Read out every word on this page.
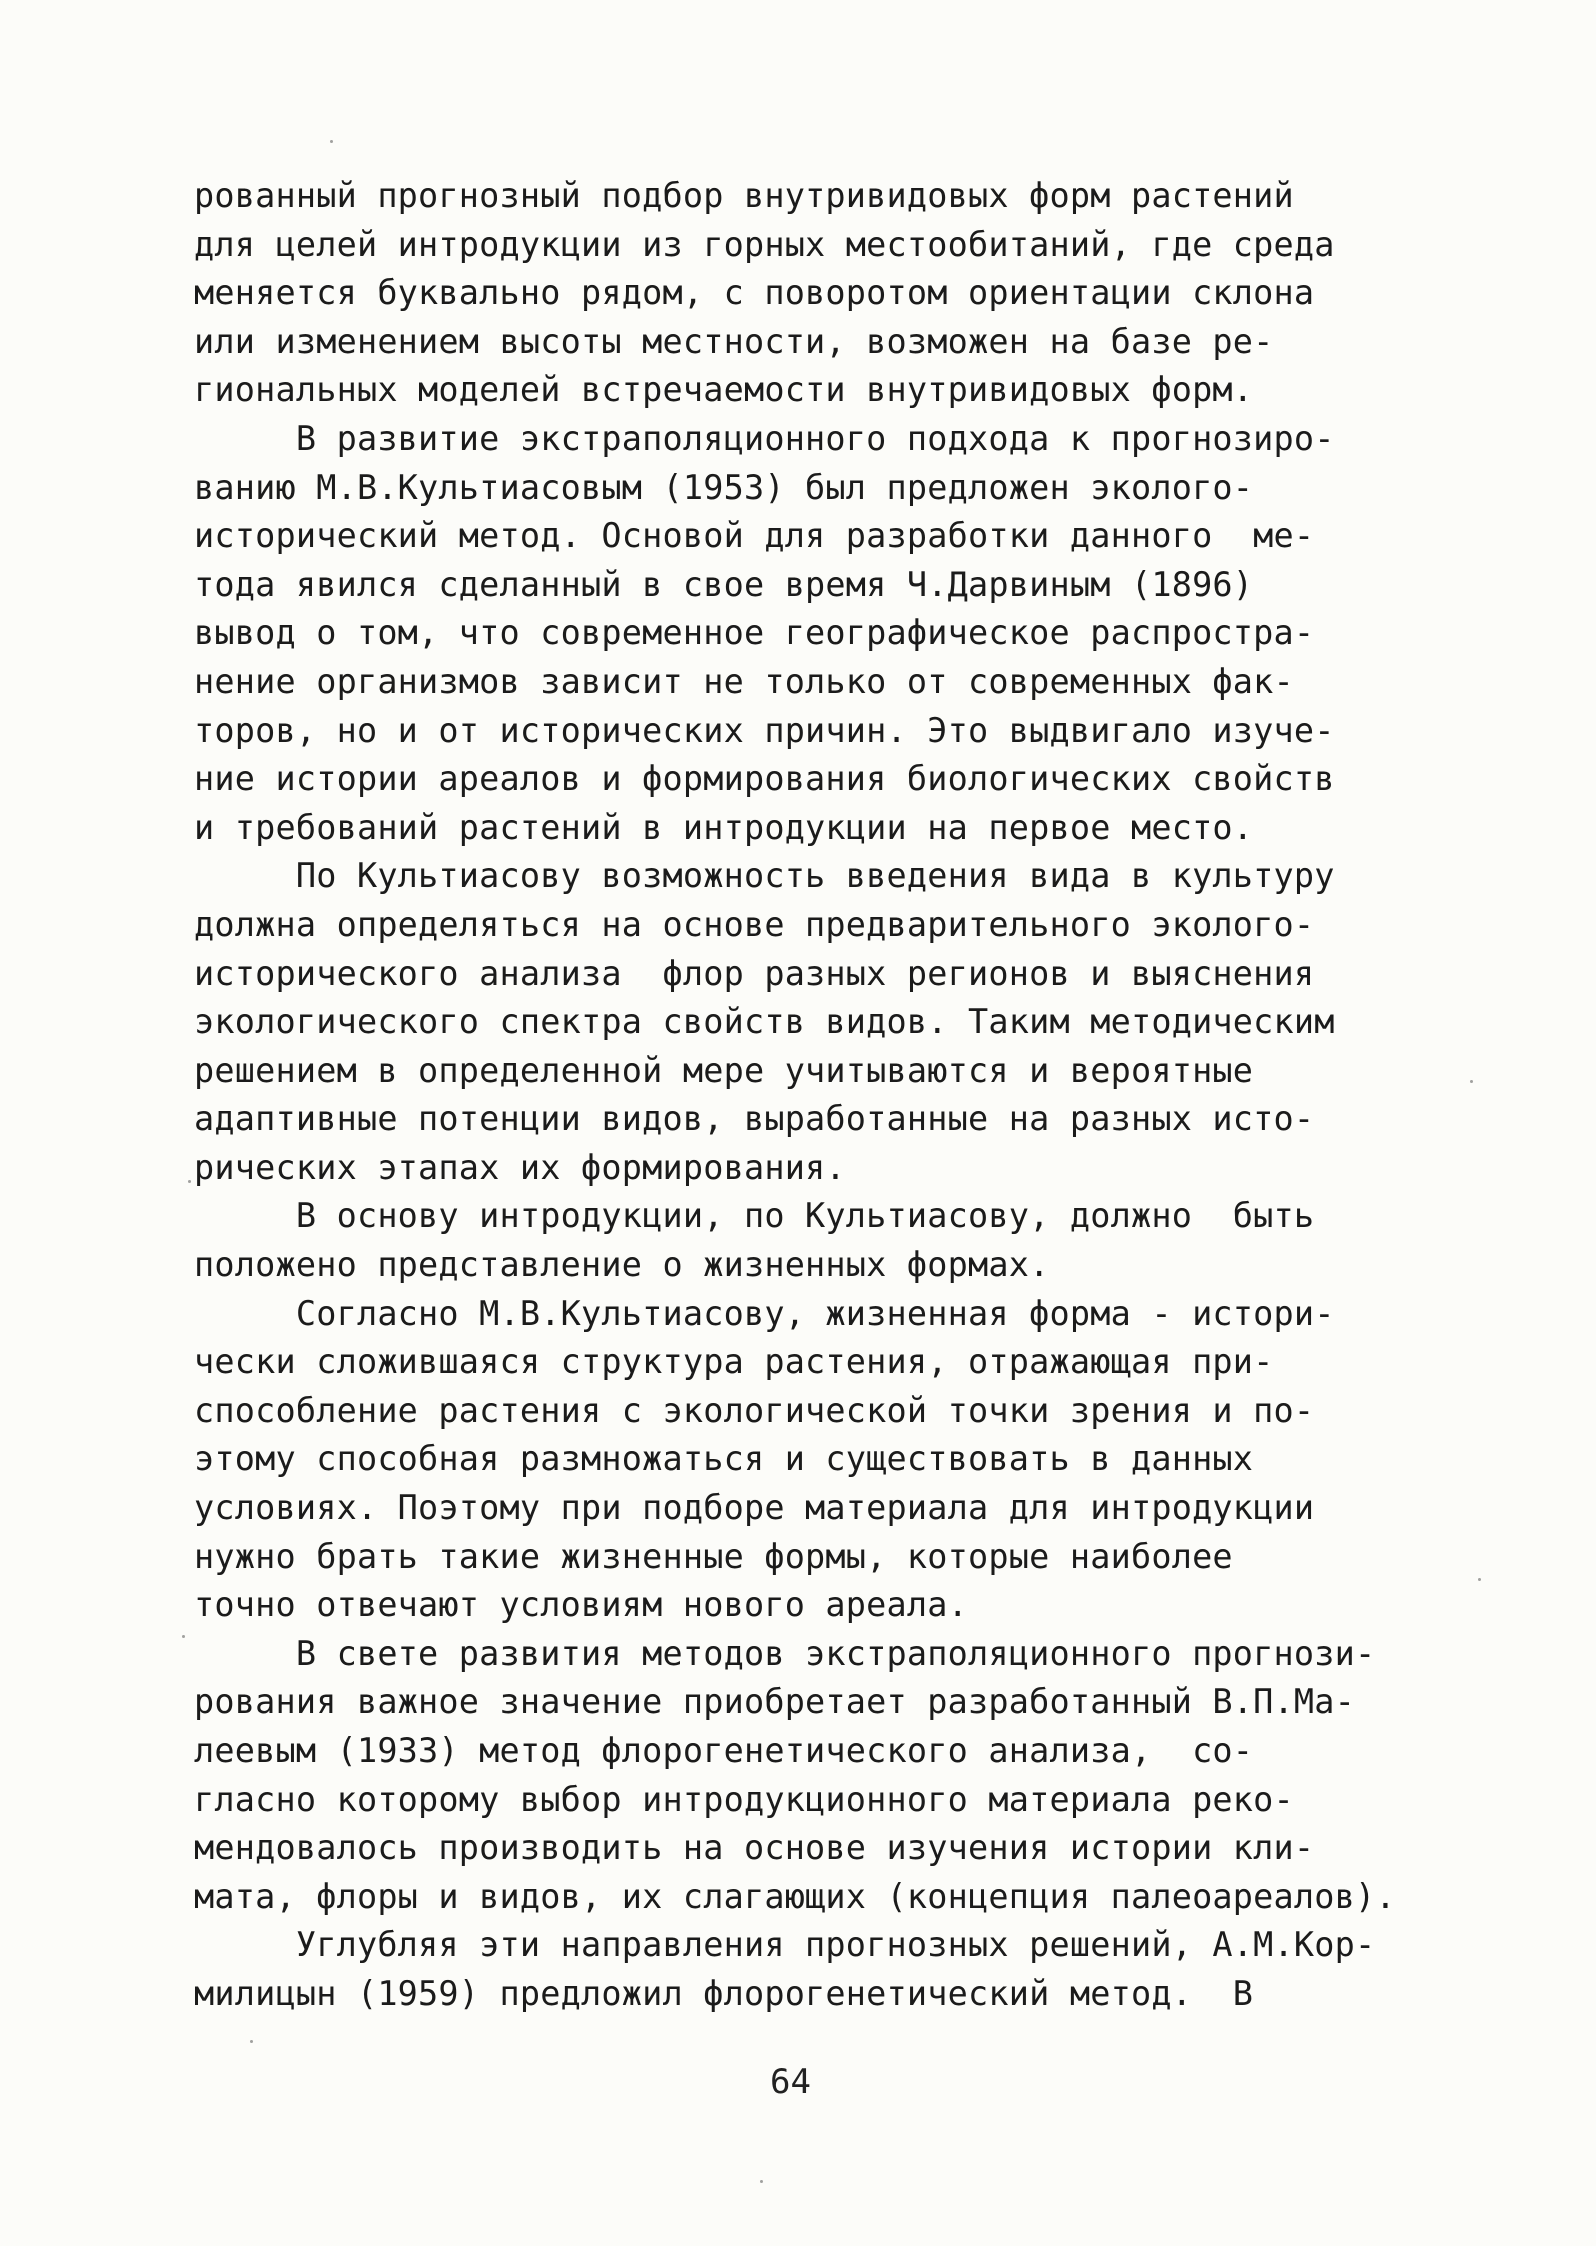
рованный прогнозный подбор внутривидовых форм растений
для целей интродукции из горных местообитаний, где среда
меняется буквально рядом, с поворотом ориентации склона
или изменением высоты местности, возможен на базе ре-
гиональных моделей встречаемости внутривидовых форм.
В развитие экстраполяционного подхода к прогнозиро-
ванию М.В.Культиасовым (1953) был предложен эколого-
исторический метод. Основой для разработки данного  ме-
тода явился сделанный в свое время Ч.Дарвиным (1896)
вывод о том, что современное географическое распростра-
нение организмов зависит не только от современных фак-
торов, но и от исторических причин. Это выдвигало изуче-
ние истории ареалов и формирования биологических свойств
и требований растений в интродукции на первое место.
По Культиасову возможность введения вида в культуру
должна определяться на основе предварительного эколого-
исторического анализа  флор разных регионов и выяснения
экологического спектра свойств видов. Таким методическим
решением в определенной мере учитываются и вероятные
адаптивные потенции видов, выработанные на разных исто-
рических этапах их формирования.
В основу интродукции, по Культиасову, должно  быть
положено представление о жизненных формах.
Согласно М.В.Культиасову, жизненная форма - истори-
чески сложившаяся структура растения, отражающая при-
способление растения с экологической точки зрения и по-
этому способная размножаться и существовать в данных
условиях. Поэтому при подборе материала для интродукции
нужно брать такие жизненные формы, которые наиболее
точно отвечают условиям нового ареала.
В свете развития методов экстраполяционного прогнози-
рования важное значение приобретает разработанный В.П.Ма-
леевым (1933) метод флорогенетического анализа,  со-
гласно которому выбор интродукционного материала реко-
мендовалось производить на основе изучения истории кли-
мата, флоры и видов, их слагающих (концепция палеоареалов).
Углубляя эти направления прогнозных решений, А.М.Кор-
милицын (1959) предложил флорогенетический метод.  В
64
